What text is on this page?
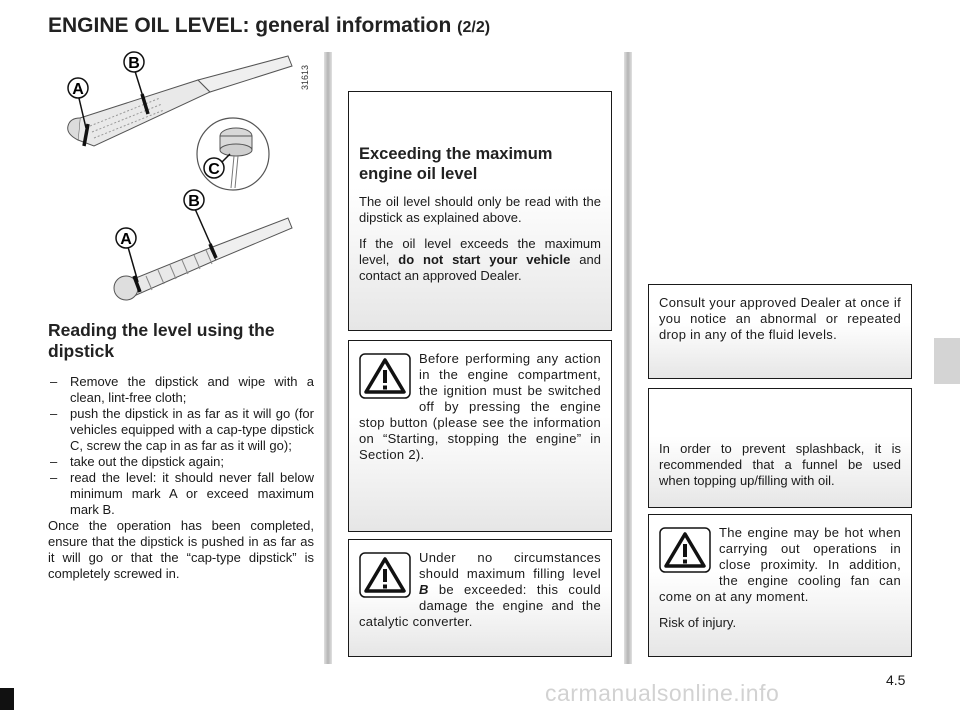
ENGINE OIL LEVEL: general information (2/2)
A
B
C
B
A
31613
Reading the level using the dipstick
– Remove the dipstick and wipe with a clean, lint-free cloth;
– push the dipstick in as far as it will go (for vehicles equipped with a cap-type dipstick C, screw the cap in as far as it will go);
– take out the dipstick again;
– read the level: it should never fall below minimum mark A or exceed maximum mark B.

Once the operation has been completed, ensure that the dipstick is pushed in as far as it will go or that the “cap-type dipstick” is completely screwed in.

Exceeding the maximum engine oil level

The oil level should only be read with the dipstick as explained above.

If the oil level exceeds the maximum level, do not start your vehicle and contact an approved Dealer.

Before performing any action in the engine compartment, the ignition must be switched off by pressing the engine stop button (please see the information on “Starting, stopping the engine” in Section 2).

Under no circumstances should maximum filling level B be exceeded: this could damage the engine and the catalytic converter.

Consult your approved Dealer at once if you notice an abnormal or repeated drop in any of the fluid levels.

In order to prevent splashback, it is recommended that a funnel be used when topping up/filling with oil.

The engine may be hot when carrying out operations in close proximity. In addition, the engine cooling fan can come on at any moment.

Risk of injury.

4.5

carmanualsonline.info
